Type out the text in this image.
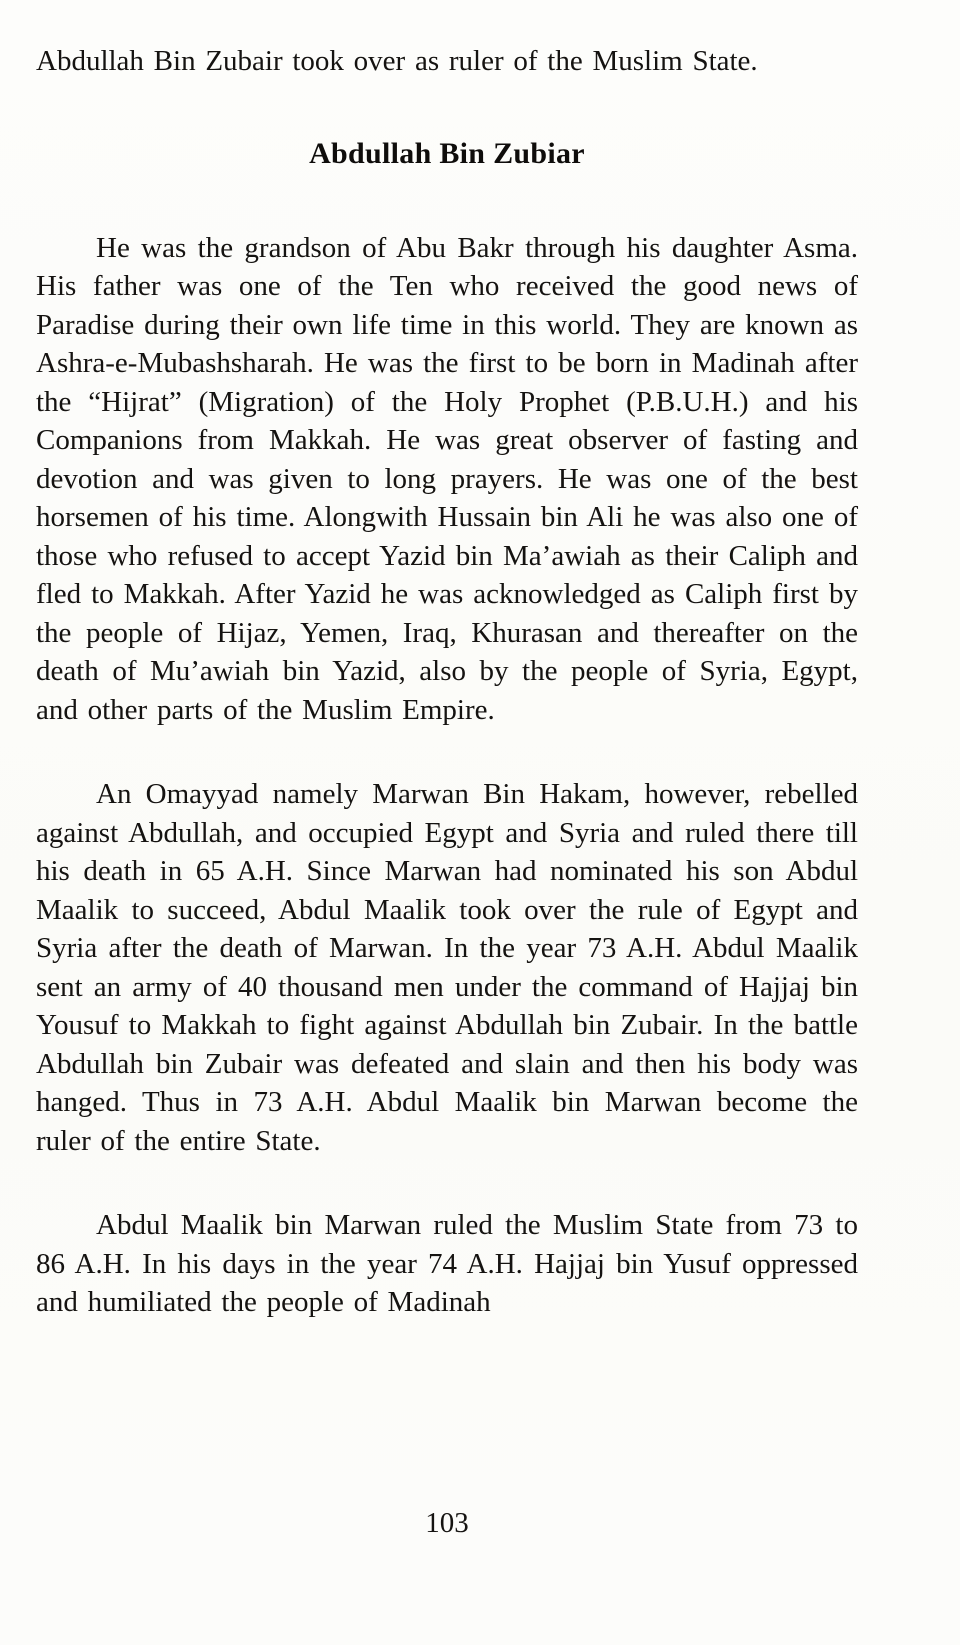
Abdullah Bin Zubair took over as ruler of the Muslim State.

Abdullah Bin Zubiar

He was the grandson of Abu Bakr through his daughter Asma. His father was one of the Ten who received the good news of Paradise during their own life time in this world. They are known as Ashra-e-Mubashsharah. He was the first to be born in Madinah after the “Hijrat” (Migration) of the Holy Prophet (P.B.U.H.) and his Companions from Makkah. He was great observer of fasting and devotion and was given to long prayers. He was one of the best horsemen of his time. Alongwith Hussain bin Ali he was also one of those who refused to accept Yazid bin Ma’awiah as their Caliph and fled to Makkah. After Yazid he was acknowledged as Caliph first by the people of Hijaz, Yemen, Iraq, Khurasan and thereafter on the death of Mu’awiah bin Yazid, also by the people of Syria, Egypt, and other parts of the Muslim Empire.

An Omayyad namely Marwan Bin Hakam, however, rebelled against Abdullah, and occupied Egypt and Syria and ruled there till his death in 65 A.H. Since Marwan had nominated his son Abdul Maalik to succeed, Abdul Maalik took over the rule of Egypt and Syria after the death of Marwan. In the year 73 A.H. Abdul Maalik sent an army of 40 thousand men under the command of Hajjaj bin Yousuf to Makkah to fight against Abdullah bin Zubair. In the battle Abdullah bin Zubair was defeated and slain and then his body was hanged. Thus in 73 A.H. Abdul Maalik bin Marwan become the ruler of the entire State.

Abdul Maalik bin Marwan ruled the Muslim State from 73 to 86 A.H. In his days in the year 74 A.H. Hajjaj bin Yusuf oppressed and humiliated the people of Madinah

103
